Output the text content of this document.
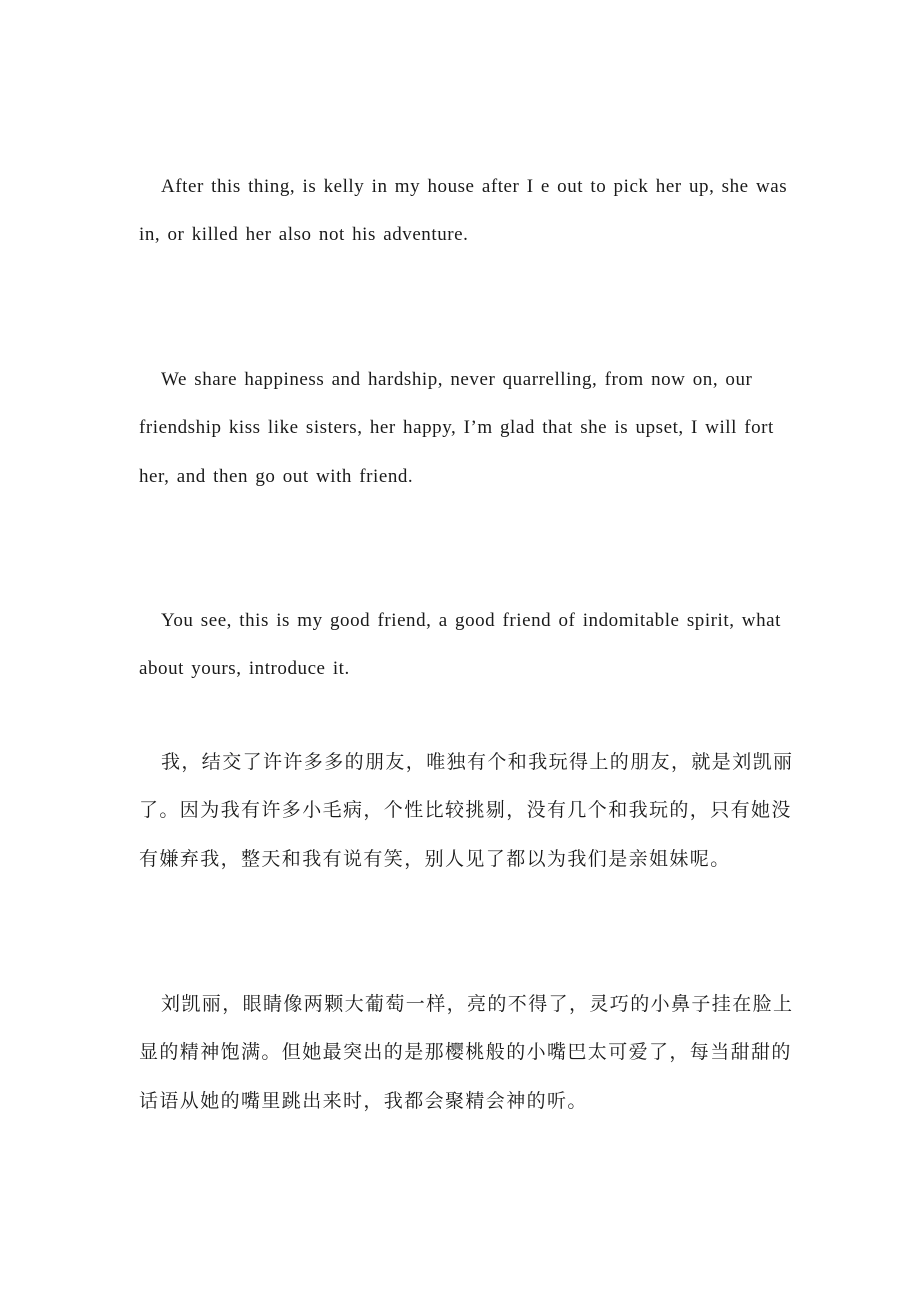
After this thing, is kelly in my house after I e out to pick her up, she was in, or killed her also not his adventure.

We share happiness and hardship, never quarrelling, from now on, our friendship kiss like sisters, her happy, I’m glad that she is upset, I will fort her, and then go out with friend.

You see, this is my good friend, a good friend of indomitable spirit, what about yours, introduce it.

我，结交了许许多多的朋友，唯独有个和我玩得上的朋友，就是刘凯丽了。因为我有许多小毛病，个性比较挑剔，没有几个和我玩的，只有她没有嫌弃我，整天和我有说有笑，别人见了都以为我们是亲姐妹呢。

刘凯丽，眼睛像两颗大葡萄一样，亮的不得了，灵巧的小鼻子挂在脸上显的精神饱满。但她最突出的是那樱桃般的小嘴巴太可爱了，每当甜甜的话语从她的嘴里跳出来时，我都会聚精会神的听。
